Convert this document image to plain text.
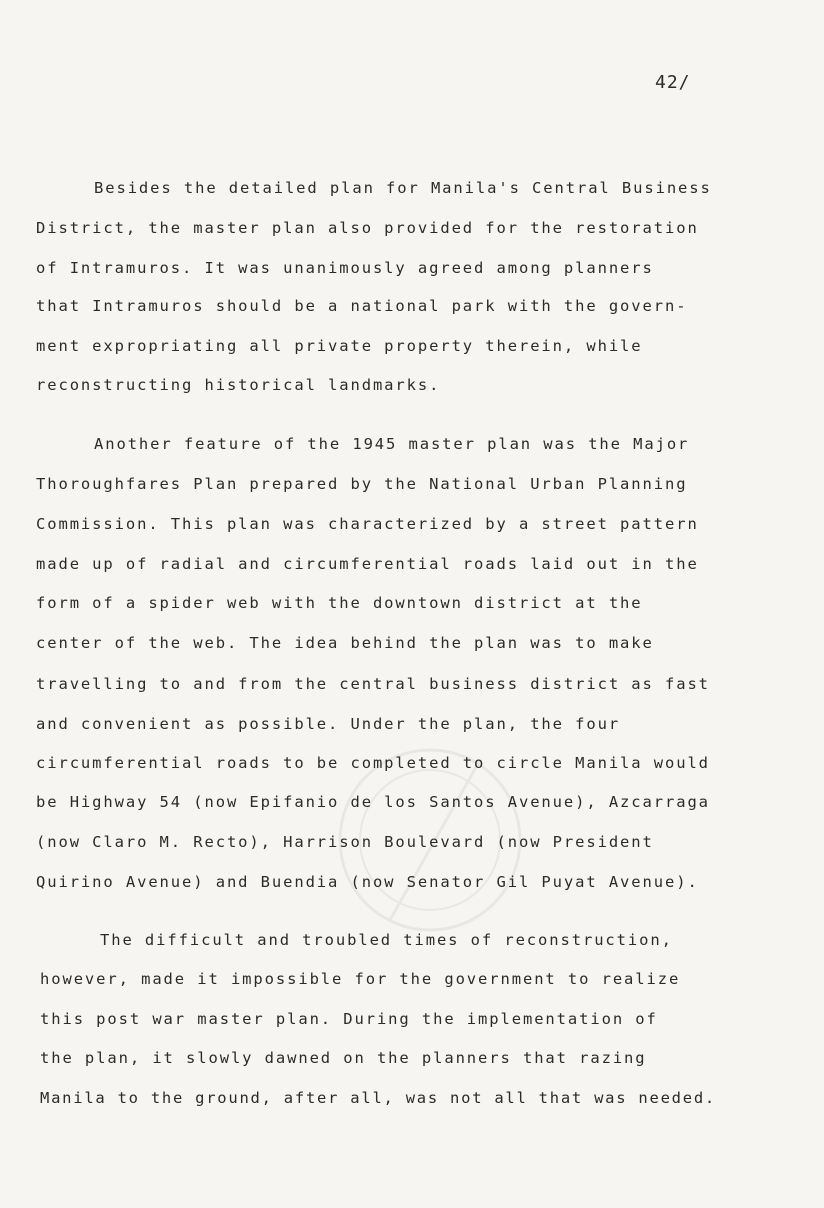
42/
Besides the detailed plan for Manila's Central Business
District, the master plan also provided for the restoration
of Intramuros. It was unanimously agreed among planners
that Intramuros should be a national park with the govern-
ment expropriating all private property therein, while
reconstructing historical landmarks.
Another feature of the 1945 master plan was the Major
Thoroughfares Plan prepared by the National Urban Planning
Commission. This plan was characterized by a street pattern
made up of radial and circumferential roads laid out in the
form of a spider web with the downtown district at the
center of the web. The idea behind the plan was to make
travelling to and from the central business district as fast
and convenient as possible. Under the plan, the four
circumferential roads to be completed to circle Manila would
be Highway 54 (now Epifanio de los Santos Avenue), Azcarraga
(now Claro M. Recto), Harrison Boulevard (now President
Quirino Avenue) and Buendia (now Senator Gil Puyat Avenue).
The difficult and troubled times of reconstruction,
however, made it impossible for the government to realize
this post war master plan. During the implementation of
the plan, it slowly dawned on the planners that razing
Manila to the ground, after all, was not all that was needed.
